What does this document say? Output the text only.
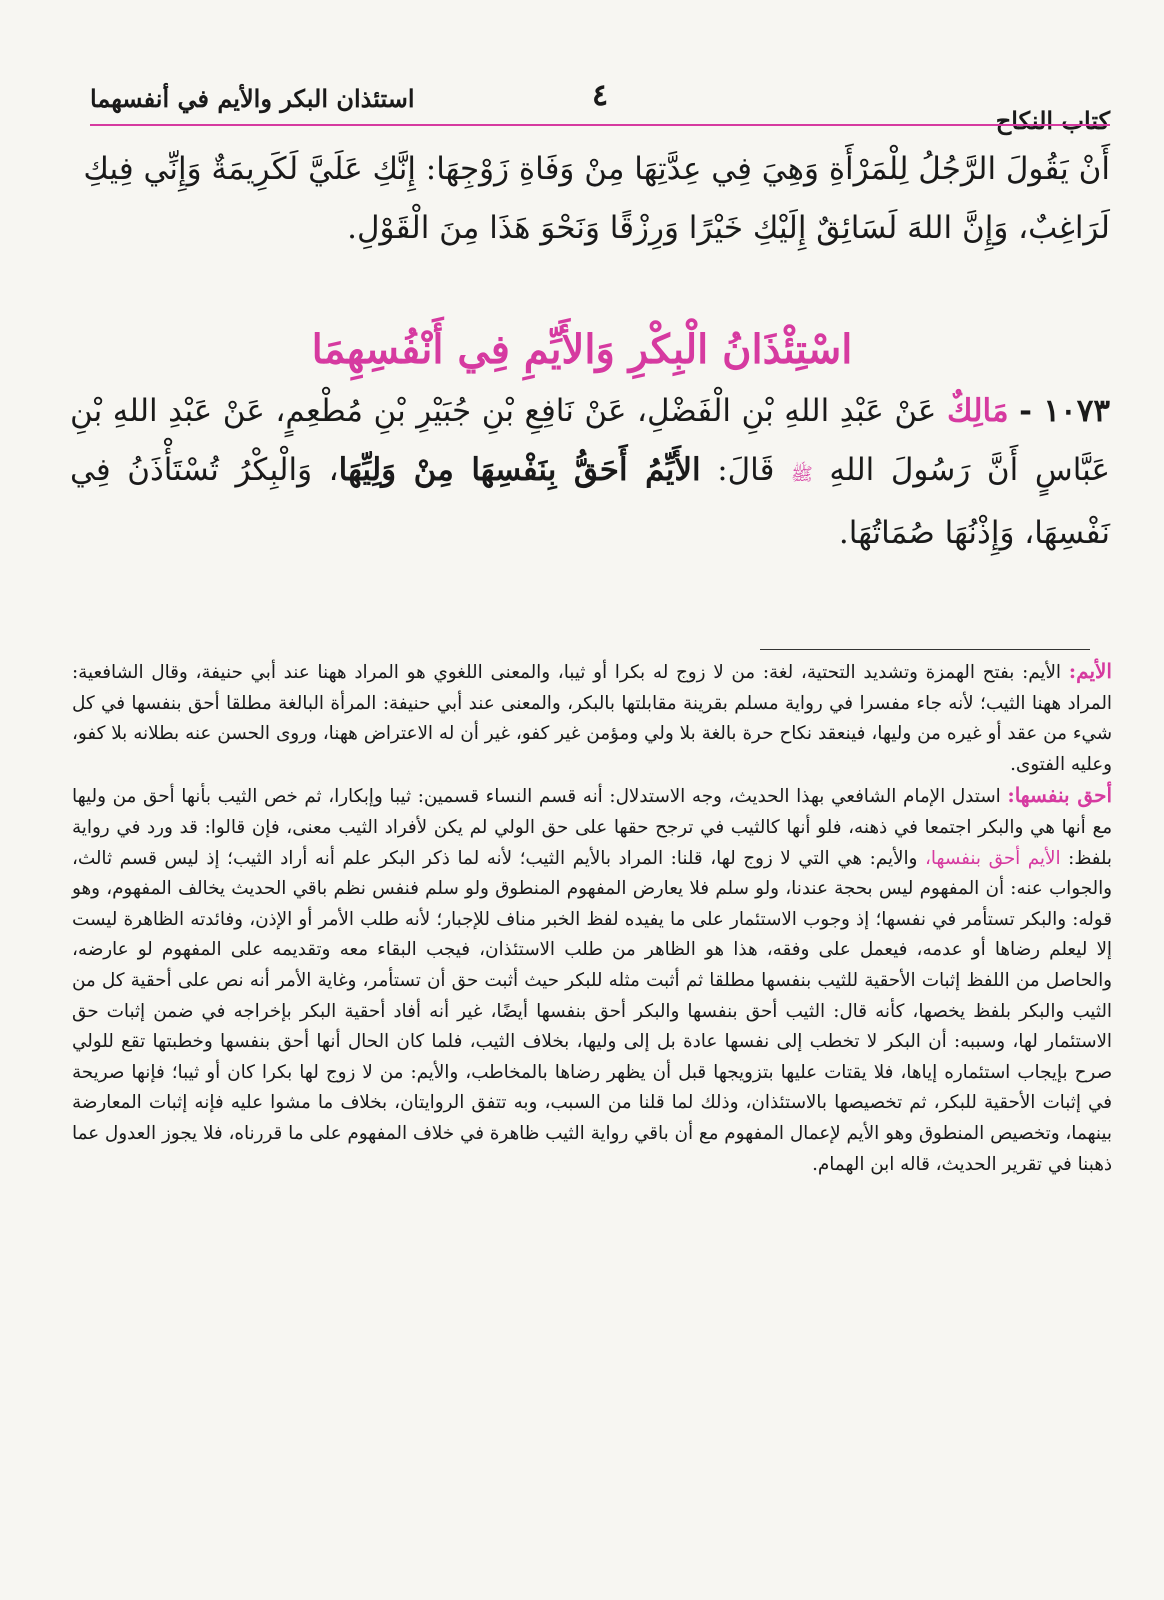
كتاب النكاح
٤
استئذان البكر والأيم في أنفسهما

أَنْ يَقُولَ الرَّجُلُ لِلْمَرْأَةِ وَهِيَ فِي عِدَّتِهَا مِنْ وَفَاةِ زَوْجِهَا: إِنَّكِ عَلَيَّ لَكَرِيمَةٌ وَإِنِّي فِيكِ

لَرَاغِبٌ، وَإِنَّ اللهَ لَسَائِقٌ إِلَيْكِ خَيْرًا وَرِزْقًا وَنَحْوَ هَذَا مِنَ الْقَوْلِ.

اسْتِئْذَانُ الْبِكْرِ وَالأَيِّمِ فِي أَنْفُسِهِمَا

١٠٧٣ - مَالِكٌ عَنْ عَبْدِ اللهِ بْنِ الْفَضْلِ، عَنْ نَافِعِ بْنِ جُبَيْرِ بْنِ مُطْعِمٍ، عَنْ عَبْدِ اللهِ بْنِ عَبَّاسٍ أَنَّ رَسُولَ اللهِ ﷺ قَالَ: الأَيِّمُ أَحَقُّ بِنَفْسِهَا مِنْ وَلِيِّهَا، وَالْبِكْرُ تُسْتَأْذَنُ فِي نَفْسِهَا، وَإِذْنُهَا صُمَاتُهَا.

الأيم: الأيم: بفتح الهمزة وتشديد التحتية، لغة: من لا زوج له بكرا أو ثيبا، والمعنى اللغوي هو المراد ههنا عند أبي حنيفة، وقال الشافعية: المراد ههنا الثيب؛ لأنه جاء مفسرا في رواية مسلم بقرينة مقابلتها بالبكر، والمعنى عند أبي حنيفة: المرأة البالغة مطلقا أحق بنفسها في كل شيء من عقد أو غيره من وليها، فينعقد نكاح حرة بالغة بلا ولي ومؤمن غير كفو، غير أن له الاعتراض ههنا، وروى الحسن عنه بطلانه بلا كفو، وعليه الفتوى.

أحق بنفسها: استدل الإمام الشافعي بهذا الحديث، وجه الاستدلال: أنه قسم النساء قسمين: ثيبا وإبكارا، ثم خص الثيب بأنها أحق من وليها مع أنها هي والبكر اجتمعا في ذهنه، فلو أنها كالثيب في ترجح حقها على حق الولي لم يكن لأفراد الثيب معنى، فإن قالوا: قد ورد في رواية بلفظ: الأيم أحق بنفسها، والأيم: هي التي لا زوج لها، قلنا: المراد بالأيم الثيب؛ لأنه لما ذكر البكر علم أنه أراد الثيب؛ إذ ليس قسم ثالث، والجواب عنه: أن المفهوم ليس بحجة عندنا، ولو سلم فلا يعارض المفهوم المنطوق ولو سلم فنفس نظم باقي الحديث يخالف المفهوم، وهو قوله: والبكر تستأمر في نفسها؛ إذ وجوب الاستئمار على ما يفيده لفظ الخبر مناف للإجبار؛ لأنه طلب الأمر أو الإذن، وفائدته الظاهرة ليست إلا ليعلم رضاها أو عدمه، فيعمل على وفقه، هذا هو الظاهر من طلب الاستئذان، فيجب البقاء معه وتقديمه على المفهوم لو عارضه، والحاصل من اللفظ إثبات الأحقية للثيب بنفسها مطلقا ثم أثبت مثله للبكر حيث أثبت حق أن تستأمر، وغاية الأمر أنه نص على أحقية كل من الثيب والبكر بلفظ يخصها، كأنه قال: الثيب أحق بنفسها والبكر أحق بنفسها أيضًا، غير أنه أفاد أحقية البكر بإخراجه في ضمن إثبات حق الاستئمار لها، وسببه: أن البكر لا تخطب إلى نفسها عادة بل إلى وليها، بخلاف الثيب، فلما كان الحال أنها أحق بنفسها وخطبتها تقع للولي صرح بإيجاب استئماره إياها، فلا يقتات عليها بتزويجها قبل أن يظهر رضاها بالمخاطب، والأيم: من لا زوج لها بكرا كان أو ثيبا؛ فإنها صريحة في إثبات الأحقية للبكر، ثم تخصيصها بالاستئذان، وذلك لما قلنا من السبب، وبه تتفق الروايتان، بخلاف ما مشوا عليه فإنه إثبات المعارضة بينهما، وتخصيص المنطوق وهو الأيم لإعمال المفهوم مع أن باقي رواية الثيب ظاهرة في خلاف المفهوم على ما قررناه، فلا يجوز العدول عما ذهبنا في تقرير الحديث، قاله ابن الهمام.
